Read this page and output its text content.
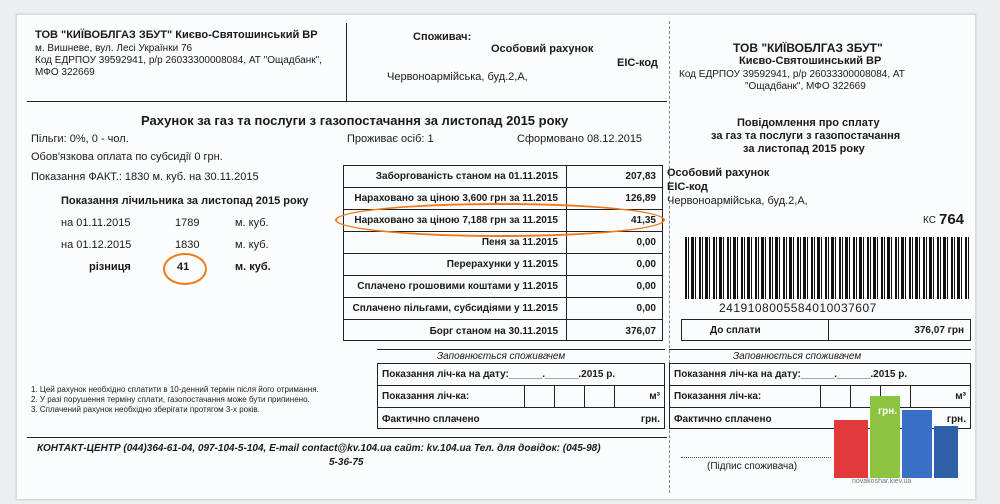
ТОВ "КИЇВОБЛГАЗ ЗБУТ" Києво-Святошинський ВР
м. Вишневе, вул. Лесі Українки 76
Код ЕДРПОУ 39592941, р/р 26033300008084, АТ "Ощадбанк",
МФО 322669
Споживач:
Особовий рахунок
ЕІС-код
Червоноармійська, буд.2,А,
Рахунок за газ та послуги з газопостачання за листопад 2015 року
Пільги: 0%, 0 - чол.	Проживає осіб: 1	Сформовано 08.12.2015
Обов'язкова оплата по субсидії 0 грн.
Показання ФАКТ.: 1830 м. куб. на 30.11.2015
Показання лічильника за листопад 2015 року
на 01.11.2015	1789	м. куб.
на 01.12.2015	1830	м. куб.
різниця	41	м. куб.
Заборгованість станом на 01.11.2015	207,83
Нараховано за ціною 3,600 грн за 11.2015	126,89
Нараховано за ціною 7,188 грн за 11.2015	41,35
Пеня за 11.2015	0,00
Перерахунки у 11.2015	0,00
Сплачено грошовими коштами у 11.2015	0,00
Сплачено пільгами, субсидіями у 11.2015	0,00
Борг станом на 30.11.2015	376,07
Заповнюється споживачем
Показання ліч-ка на дату:______.______.2015 р.
Показання ліч-ка:	м³
Фактично сплачено	грн.
1. Цей рахунок необхідно сплатити в 10-денний термін після його отримання.
2. У разі порушення терміну сплати, газопостачання може бути припинено.
3. Сплачений рахунок необхідно зберігати протягом 3-х років.
КОНТАКТ-ЦЕНТР (044)364-61-04, 097-104-5-104, E-mail contact@kv.104.ua сайт: kv.104.ua Тел. для довідок: (045-98)
5-36-75
ТОВ "КИЇВОБЛГАЗ ЗБУТ"
Києво-Святошинський ВР
Код ЕДРПОУ 39592941, р/р 26033300008084, АТ
"Ощадбанк", МФО 322669
Повідомлення про сплату
за газ та послуги з газопостачання
за листопад 2015 року
Особовий рахунок
ЕІС-код
Червоноармійська, буд.2,А,
КС 764
241910800558401003760​7
До сплати	376,07 грн
Заповнюється споживачем
Показання ліч-ка на дату:______.______.2015 р.
Показання ліч-ка:	м³
Фактично сплачено	грн.
(Підпис споживача)
грн.
novakoshar.kiev.ua
